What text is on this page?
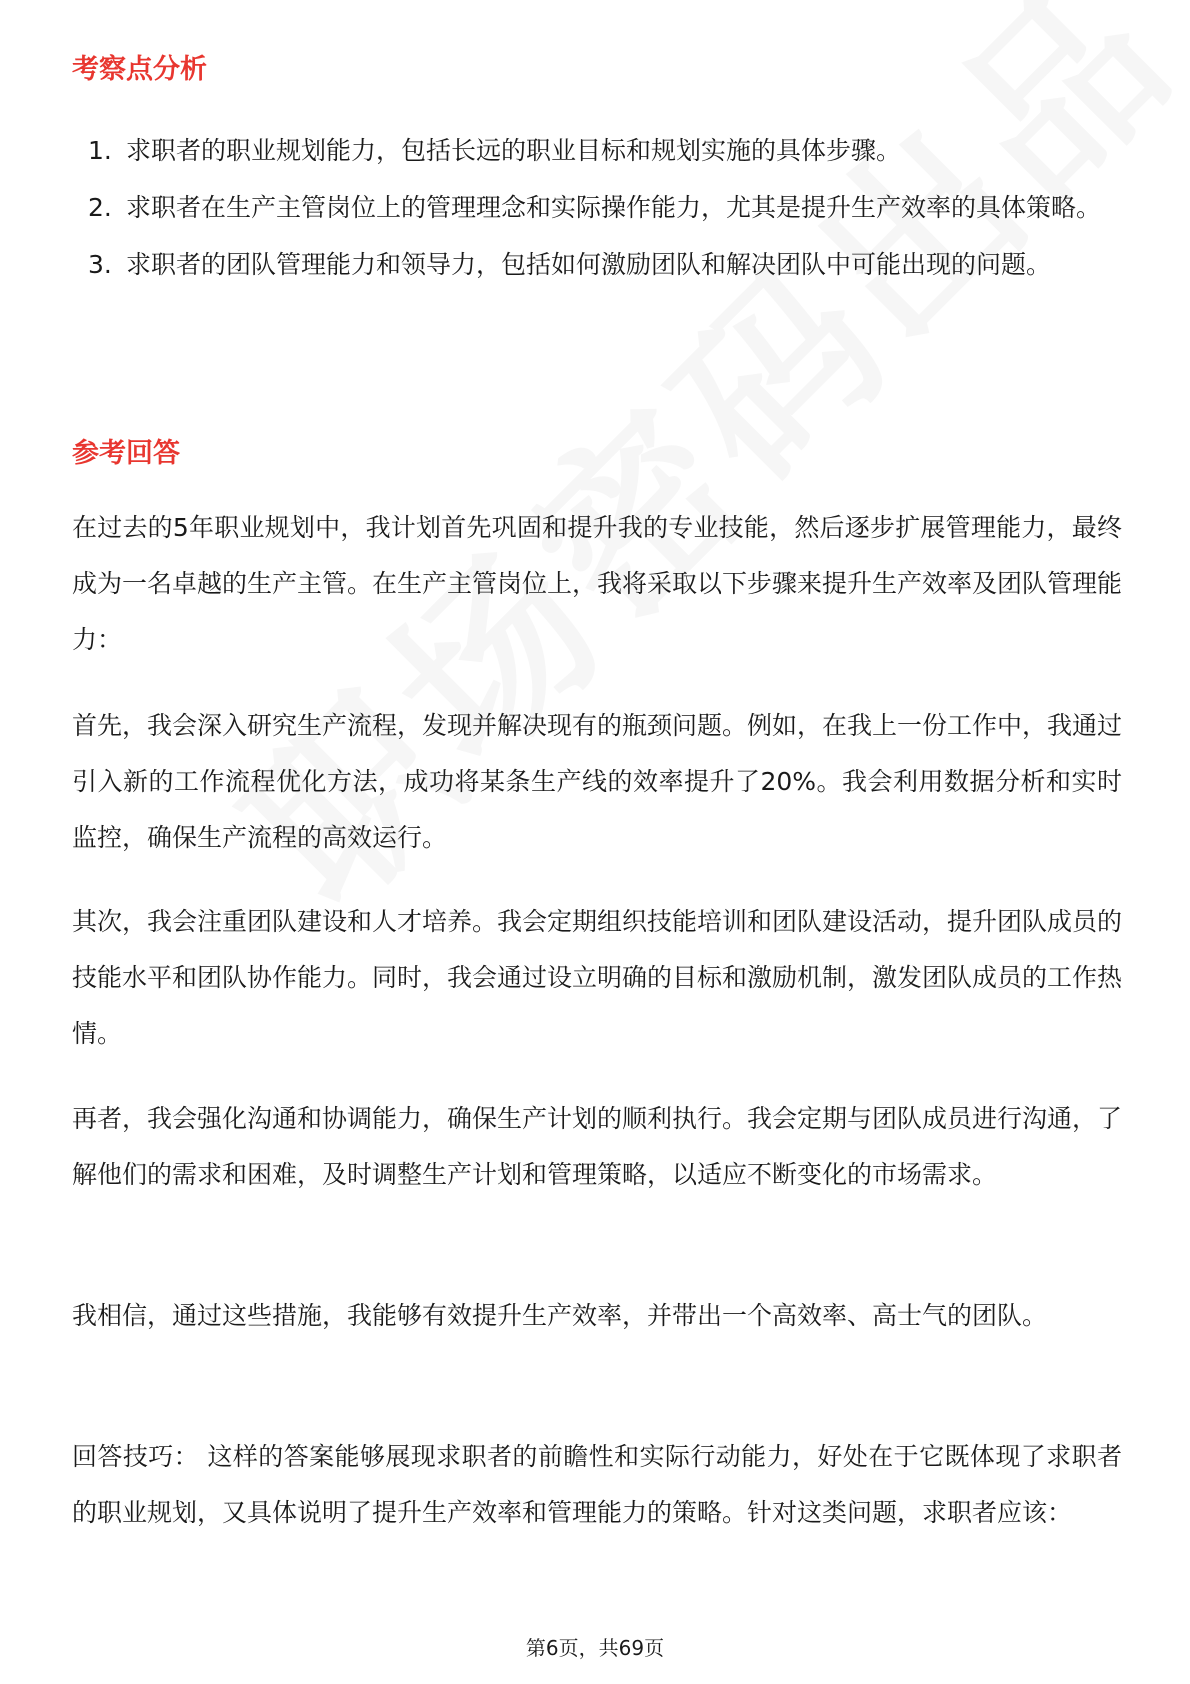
考察点分析
1. 求职者的职业规划能力，包括长远的职业目标和规划实施的具体步骤。
2. 求职者在生产主管岗位上的管理理念和实际操作能力，尤其是提升生产效率的具体策略。
3. 求职者的团队管理能力和领导力，包括如何激励团队和解决团队中可能出现的问题。
参考回答

在过去的5年职业规划中，我计划首先巩固和提升我的专业技能，然后逐步扩展管理能力，最终成为一名卓越的生产主管。在生产主管岗位上，我将采取以下步骤来提升生产效率及团队管理能力：

首先，我会深入研究生产流程，发现并解决现有的瓶颈问题。例如，在我上一份工作中，我通过引入新的工作流程优化方法，成功将某条生产线的效率提升了20%。我会利用数据分析和实时监控，确保生产流程的高效运行。

其次，我会注重团队建设和人才培养。我会定期组织技能培训和团队建设活动，提升团队成员的技能水平和团队协作能力。同时，我会通过设立明确的目标和激励机制，激发团队成员的工作热情。

再者，我会强化沟通和协调能力，确保生产计划的顺利执行。我会定期与团队成员进行沟通，了解他们的需求和困难，及时调整生产计划和管理策略，以适应不断变化的市场需求。

我相信，通过这些措施，我能够有效提升生产效率，并带出一个高效率、高士气的团队。

回答技巧： 这样的答案能够展现求职者的前瞻性和实际行动能力，好处在于它既体现了求职者的职业规划，又具体说明了提升生产效率和管理能力的策略。针对这类问题，求职者应该：

第6页，共69页
